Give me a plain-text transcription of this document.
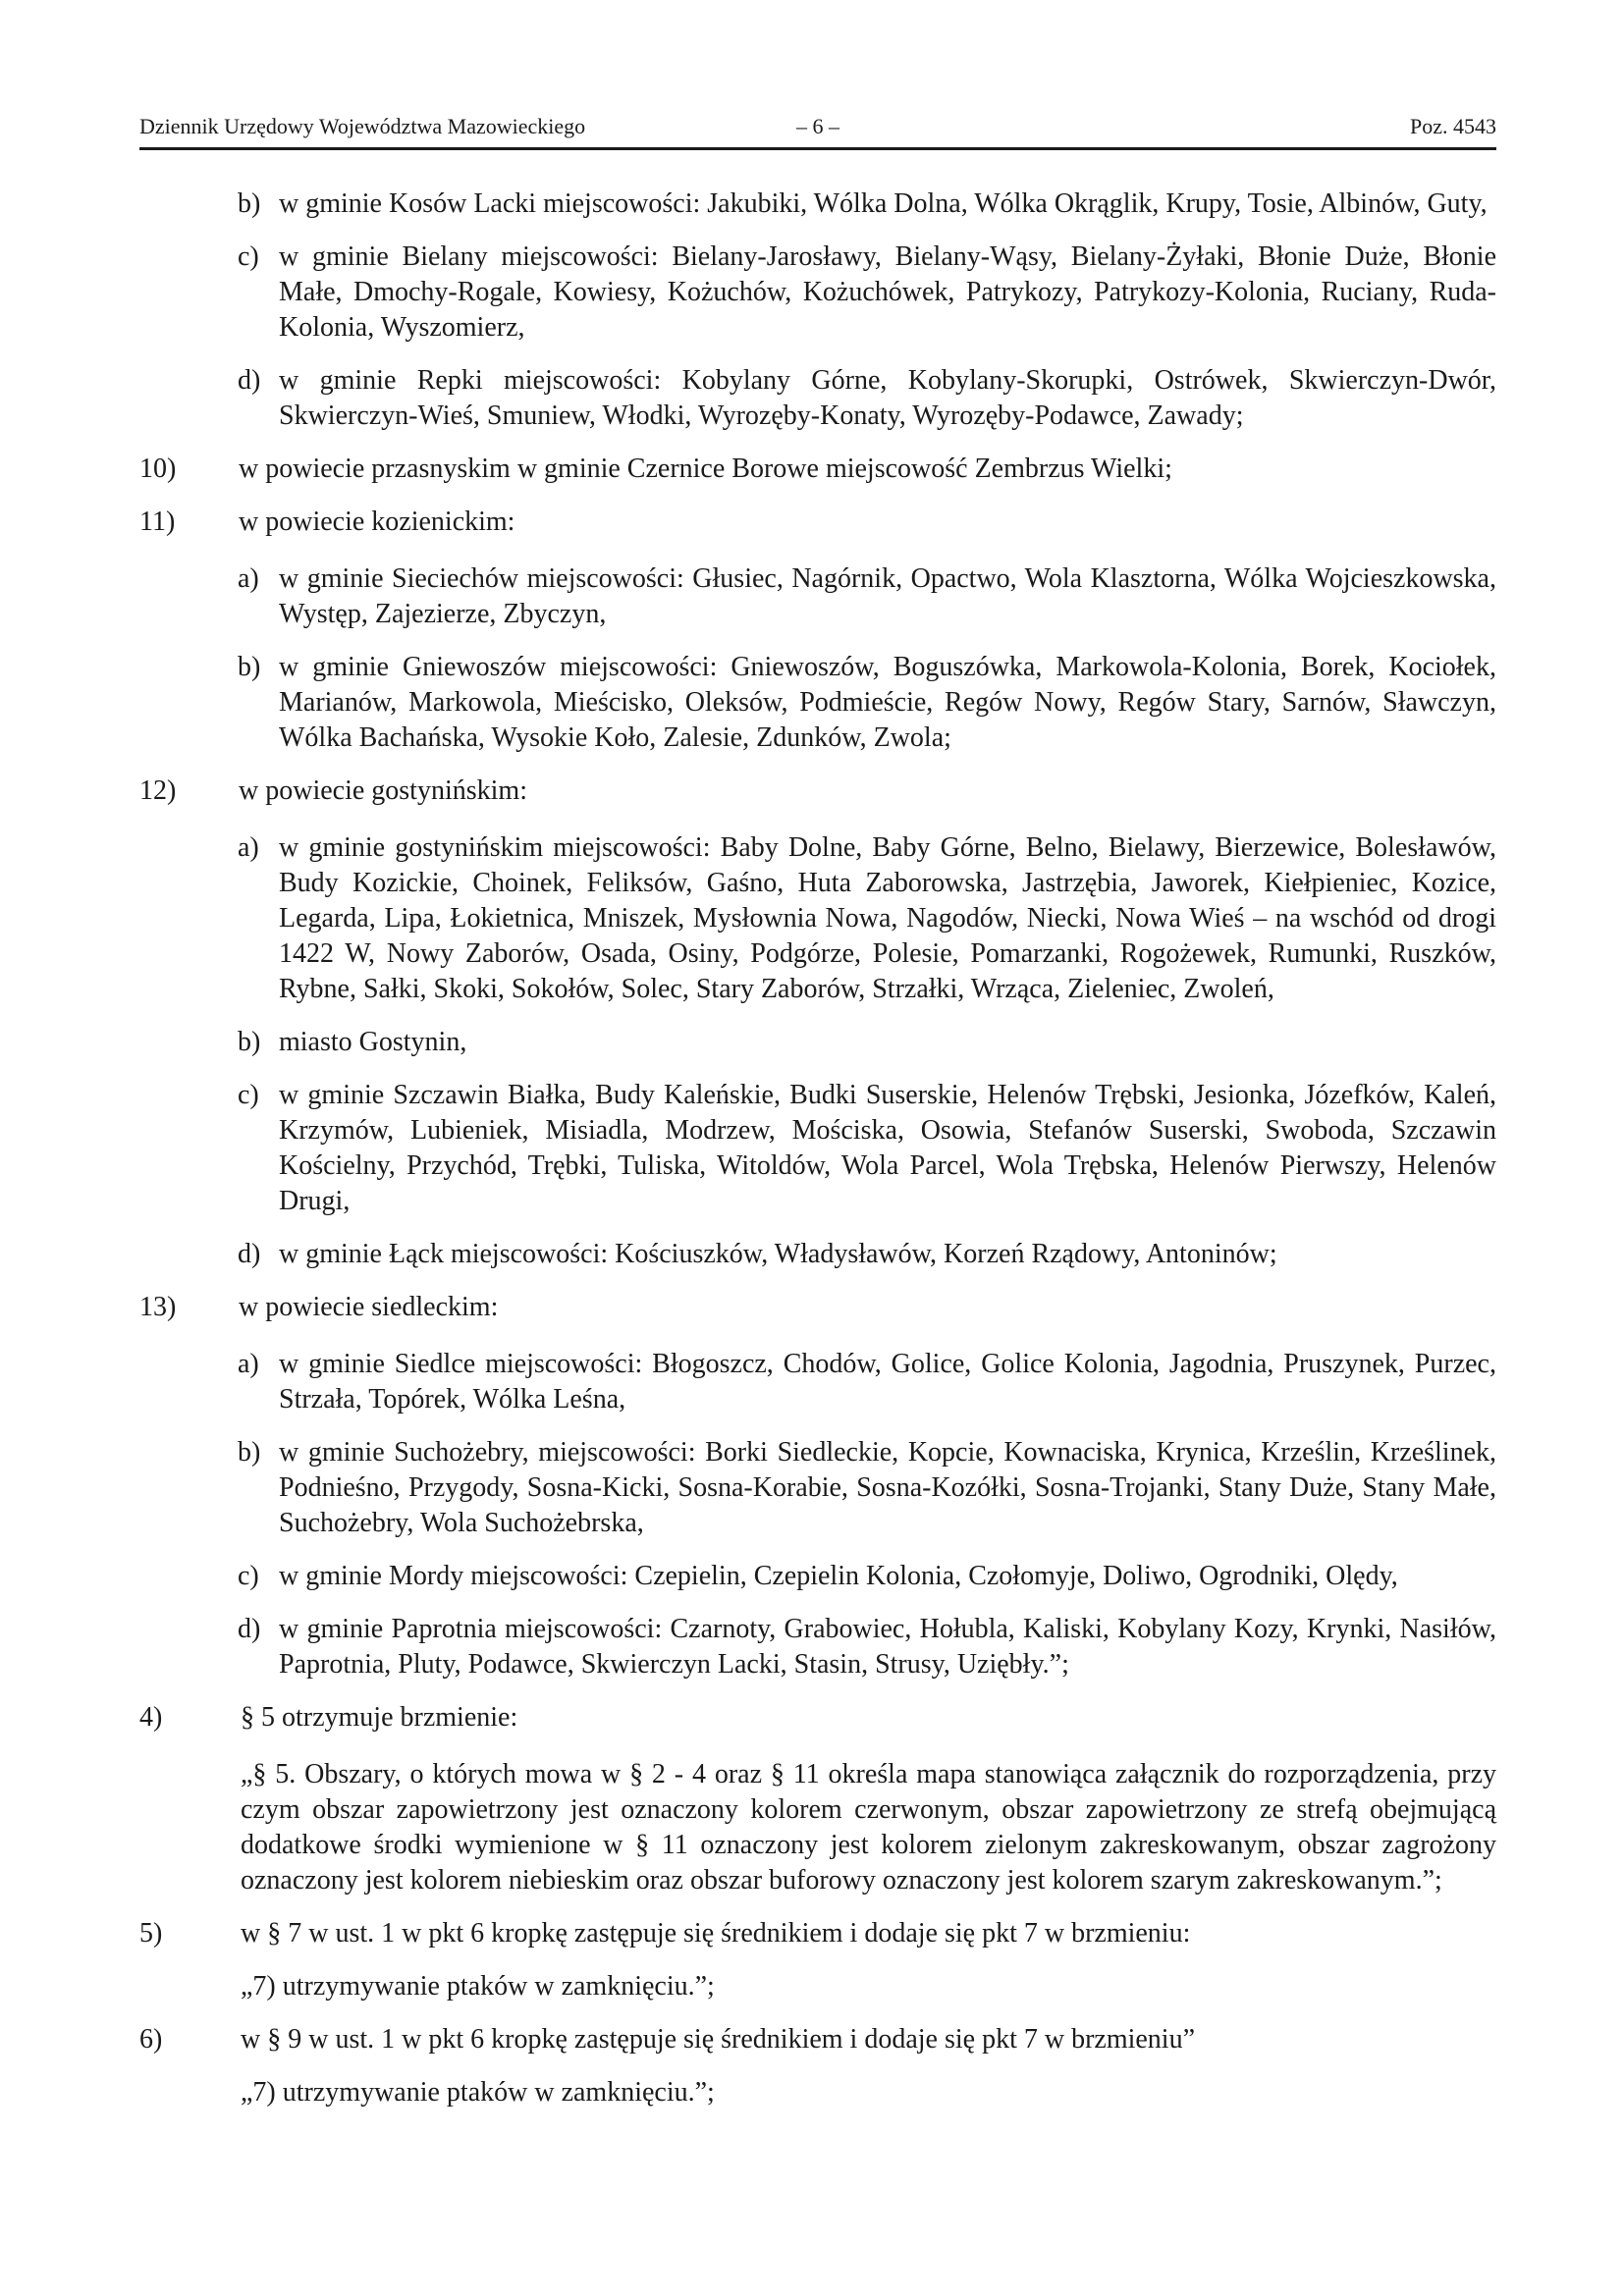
Dziennik Urzędowy Województwa Mazowieckiego	– 6 –	Poz. 4543
b) w gminie Kosów Lacki miejscowości: Jakubiki, Wólka Dolna, Wólka Okrąglik, Krupy, Tosie, Albinów, Guty,
c) w gminie Bielany miejscowości: Bielany-Jarosławy, Bielany-Wąsy, Bielany-Żyłaki, Błonie Duże, Błonie Małe, Dmochy-Rogale, Kowiesy, Kożuchów, Kożuchówek, Patrykozy, Patrykozy-Kolonia, Ruciany, Ruda-Kolonia, Wyszomierz,
d) w gminie Repki miejscowości: Kobylany Górne, Kobylany-Skorupki, Ostrówek, Skwierczyn-Dwór, Skwierczyn-Wieś, Smuniew, Włodki, Wyrozęby-Konaty, Wyrozęby-Podawce, Zawady;
10) w powiecie przasnyskim w gminie Czernice Borowe miejscowość Zembrzus Wielki;
11) w powiecie kozienickim:
a) w gminie Sieciechów miejscowości: Głusiec, Nagórnik, Opactwo, Wola Klasztorna, Wólka Wojcieszkowska, Występ, Zajezierze, Zbyczyn,
b) w gminie Gniewoszów miejscowości: Gniewoszów, Boguszówka, Markowola-Kolonia, Borek, Kociołek, Marianów, Markowola, Mieścisko, Oleksów, Podmieście, Regów Nowy, Regów Stary, Sarnów, Sławczyn, Wólka Bachańska, Wysokie Koło, Zalesie, Zdunków, Zwola;
12) w powiecie gostynińskim:
a) w gminie gostynińskim miejscowości: Baby Dolne, Baby Górne, Belno, Bielawy, Bierzewice, Bolesławów, Budy Kozickie, Choinek, Feliksów, Gaśno, Huta Zaborowska, Jastrzębia, Jaworek, Kiełpieniec, Kozice, Legarda, Lipa, Łokietnica, Mniszek, Mysłownia Nowa, Nagodów, Niecki, Nowa Wieś – na wschód od drogi 1422 W, Nowy Zaborów, Osada, Osiny, Podgórze, Polesie, Pomarzanki, Rogożewek, Rumunki, Ruszków, Rybne, Sałki, Skoki, Sokołów, Solec, Stary Zaborów, Strzałki, Wrząca, Zieleniec, Zwoleń,
b) miasto Gostynin,
c) w gminie Szczawin Białka, Budy Kaleńskie, Budki Suserskie, Helenów Trębski, Jesionka, Józefków, Kaleń, Krzymów, Lubieniek, Misiadla, Modrzew, Mościska, Osowia, Stefanów Suserski, Swoboda, Szczawin Kościelny, Przychód, Trębki, Tuliska, Witoldów, Wola Parcel, Wola Trębska, Helenów Pierwszy, Helenów Drugi,
d) w gminie Łąck miejscowości: Kościuszków, Władysławów, Korzeń Rządowy, Antoninów;
13) w powiecie siedleckim:
a) w gminie Siedlce miejscowości: Błogoszcz, Chodów, Golice, Golice Kolonia, Jagodnia, Pruszynek, Purzec, Strzała, Topórek, Wólka Leśna,
b) w gminie Suchożebry, miejscowości: Borki Siedleckie, Kopcie, Kownaciska, Krynica, Krześlin, Krześlinek, Podnieśno, Przygody, Sosna-Kicki, Sosna-Korabie, Sosna-Kozółki, Sosna-Trojanki, Stany Duże, Stany Małe, Suchożebry, Wola Suchożebrska,
c) w gminie Mordy miejscowości: Czepielin, Czepielin Kolonia, Czołomyje, Doliwo, Ogrodniki, Olędy,
d) w gminie Paprotnia miejscowości: Czarnoty, Grabowiec, Hołubla, Kaliski, Kobylany Kozy, Krynki, Nasiłów, Paprotnia, Pluty, Podawce, Skwierczyn Lacki, Stasin, Strusy, Uziębły.”;
4)	§ 5 otrzymuje brzmienie:
„§ 5. Obszary, o których mowa w § 2 - 4 oraz § 11 określa mapa stanowiąca załącznik do rozporządzenia, przy czym obszar zapowietrzony jest oznaczony kolorem czerwonym, obszar zapowietrzony ze strefą obejmującą dodatkowe środki wymienione w § 11 oznaczony jest kolorem zielonym zakreskowanym, obszar zagrożony oznaczony jest kolorem niebieskim oraz obszar buforowy oznaczony jest kolorem szarym zakreskowanym.”;
5)	w § 7 w ust. 1 w pkt 6 kropkę zastępuje się średnikiem i dodaje się pkt 7 w brzmieniu:
„7) utrzymywanie ptaków w zamknięciu.”;
6)	w § 9 w ust. 1 w pkt 6 kropkę zastępuje się średnikiem i dodaje się pkt 7 w brzmieniu”
„7) utrzymywanie ptaków w zamknięciu.”;
